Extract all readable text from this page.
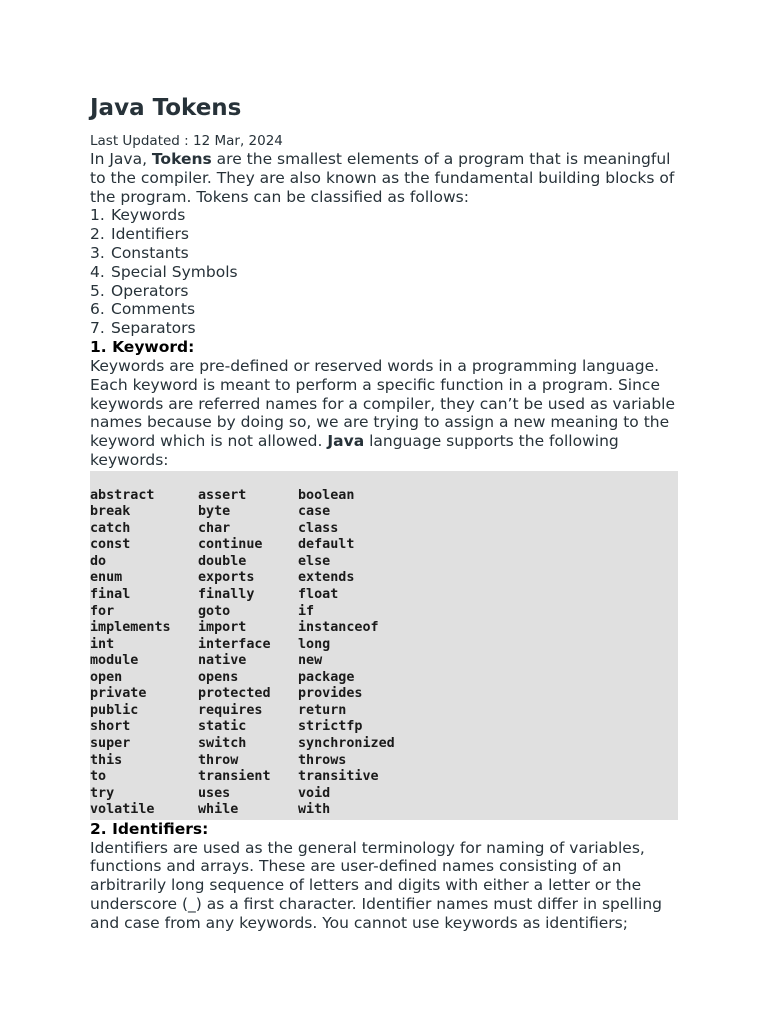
Java Tokens

Last Updated : 12 Mar, 2024

In Java, Tokens are the smallest elements of a program that is meaningful to the compiler. They are also known as the fundamental building blocks of the program. Tokens can be classified as follows:

1. Keywords
2. Identifiers
3. Constants
4. Special Symbols
5. Operators
6. Comments
7. Separators
1. Keyword:

Keywords are pre-defined or reserved words in a programming language. Each keyword is meant to perform a specific function in a program. Since keywords are referred names for a compiler, they can’t be used as variable names because by doing so, we are trying to assign a new meaning to the keyword which is not allowed. Java language supports the following keywords:

abstract	assert	boolean
break	byte	case
catch	char	class
const	continue	default
do	double	else
enum	exports	extends
final	finally	float
for	goto	if
implements	import	instanceof
int	interface	long
module	native	new
open	opens	package
private	protected	provides
public	requires	return
short	static	strictfp
super	switch	synchronized
this	throw	throws
to	transient	transitive
try	uses	void
volatile	while	with
2. Identifiers:

Identifiers are used as the general terminology for naming of variables, functions and arrays. These are user-defined names consisting of an arbitrarily long sequence of letters and digits with either a letter or the underscore (_) as a first character. Identifier names must differ in spelling and case from any keywords. You cannot use keywords as identifiers;
